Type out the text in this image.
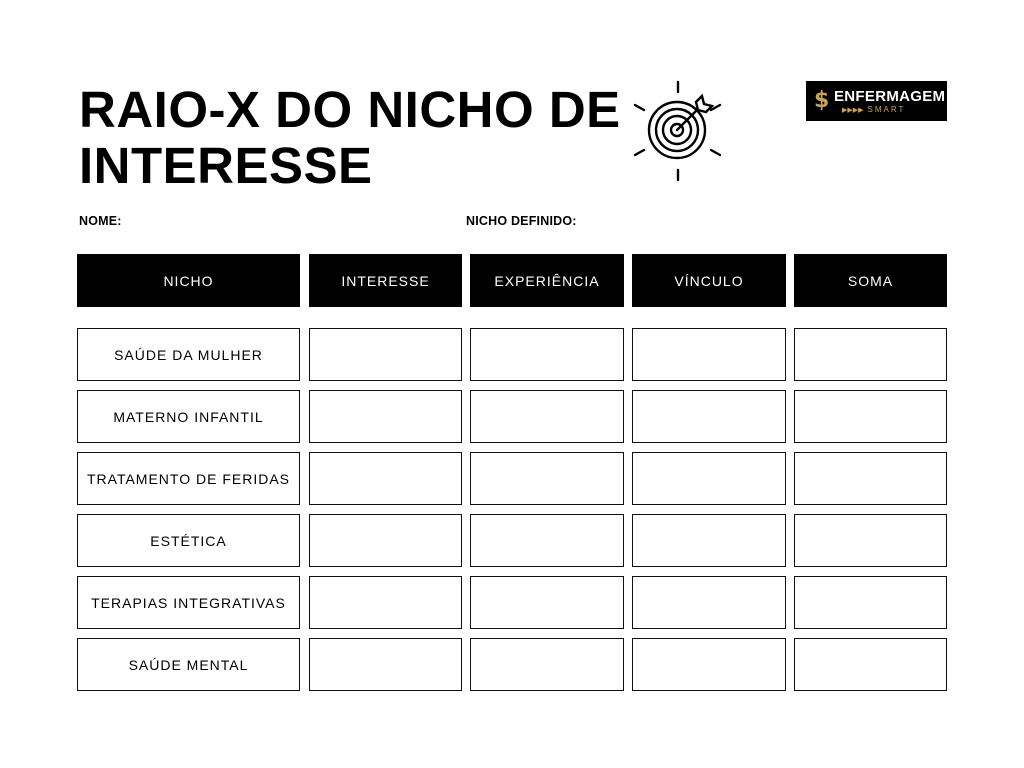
RAIO-X DO NICHO DE
INTERESSE
$ ENFERMAGEM
▶▶▶▶ SMART
NOME:	NICHO DEFINIDO:
NICHO	INTERESSE	EXPERIÊNCIA	VÍNCULO	SOMA
SAÚDE DA MULHER
MATERNO INFANTIL
TRATAMENTO DE FERIDAS
ESTÉTICA
TERAPIAS INTEGRATIVAS
SAÚDE MENTAL
